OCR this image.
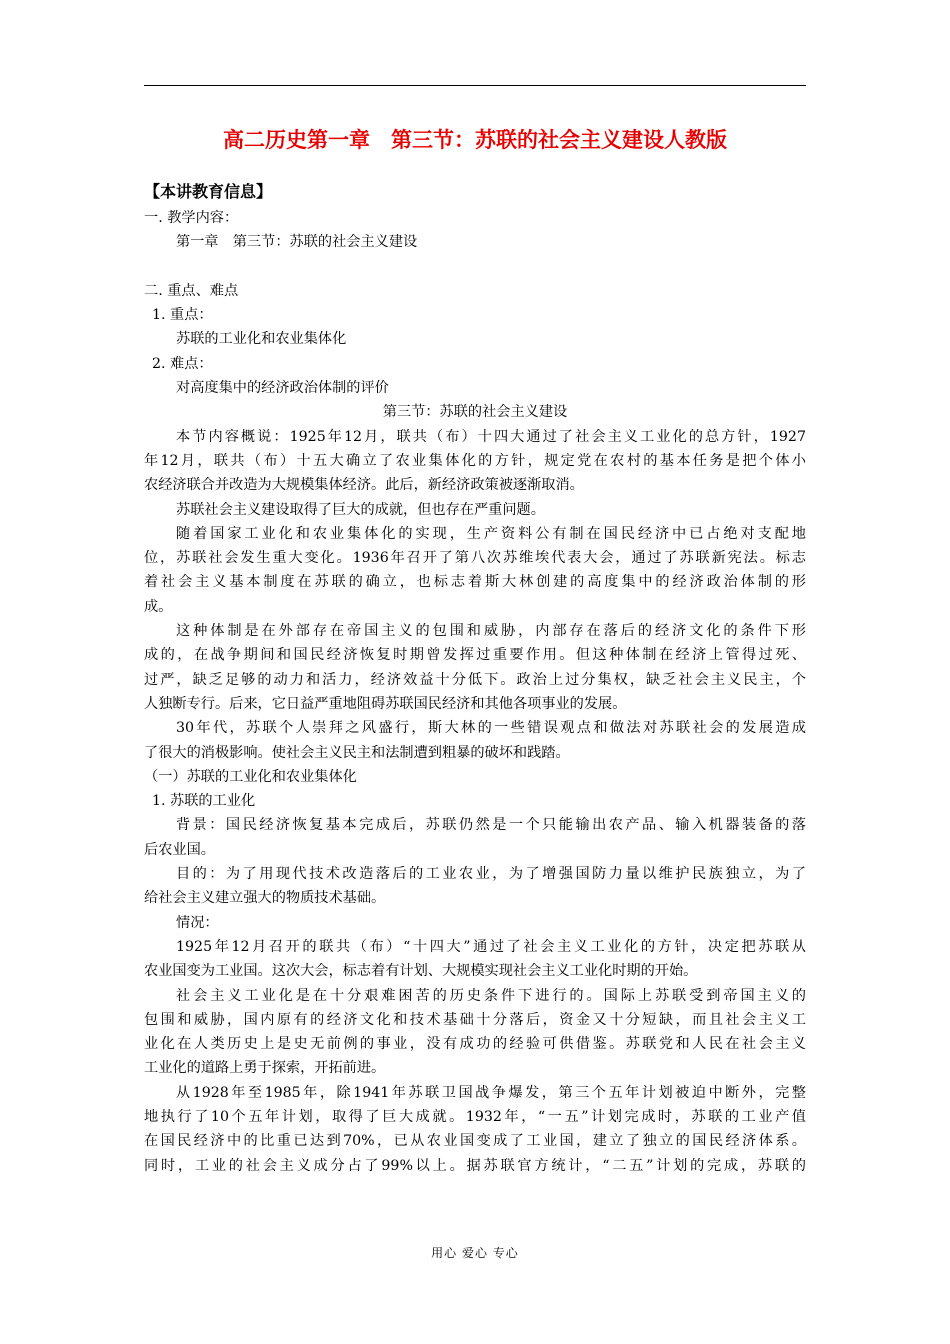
高二历史第一章　第三节：苏联的社会主义建设人教版
【本讲教育信息】
一. 教学内容：
第一章　第三节：苏联的社会主义建设
二. 重点、难点
1. 重点：
苏联的工业化和农业集体化
2. 难点：
对高度集中的经济政治体制的评价
第三节：苏联的社会主义建设
本节内容概说：1925年12月，联共（布）十四大通过了社会主义工业化的总方针，1927
年12月，联共（布）十五大确立了农业集体化的方针，规定党在农村的基本任务是把个体小
农经济联合并改造为大规模集体经济。此后，新经济政策被逐渐取消。
苏联社会主义建设取得了巨大的成就，但也存在严重问题。
随着国家工业化和农业集体化的实现，生产资料公有制在国民经济中已占绝对支配地
位，苏联社会发生重大变化。1936年召开了第八次苏维埃代表大会，通过了苏联新宪法。标志
着社会主义基本制度在苏联的确立，也标志着斯大林创建的高度集中的经济政治体制的形
成。
这种体制是在外部存在帝国主义的包围和威胁，内部存在落后的经济文化的条件下形
成的，在战争期间和国民经济恢复时期曾发挥过重要作用。但这种体制在经济上管得过死、
过严，缺乏足够的动力和活力，经济效益十分低下。政治上过分集权，缺乏社会主义民主，个
人独断专行。后来，它日益严重地阻碍苏联国民经济和其他各项事业的发展。
30年代，苏联个人崇拜之风盛行，斯大林的一些错误观点和做法对苏联社会的发展造成
了很大的消极影响。使社会主义民主和法制遭到粗暴的破坏和践踏。
（一）苏联的工业化和农业集体化
1. 苏联的工业化
背景：国民经济恢复基本完成后，苏联仍然是一个只能输出农产品、输入机器装备的落
后农业国。
目的：为了用现代技术改造落后的工业农业，为了增强国防力量以维护民族独立，为了
给社会主义建立强大的物质技术基础。
情况：
1925年12月召开的联共（布）“十四大”通过了社会主义工业化的方针，决定把苏联从
农业国变为工业国。这次大会，标志着有计划、大规模实现社会主义工业化时期的开始。
社会主义工业化是在十分艰难困苦的历史条件下进行的。国际上苏联受到帝国主义的
包围和威胁，国内原有的经济文化和技术基础十分落后，资金又十分短缺，而且社会主义工
业化在人类历史上是史无前例的事业，没有成功的经验可供借鉴。苏联党和人民在社会主义
工业化的道路上勇于探索，开拓前进。
从1928年至1985年，除1941年苏联卫国战争爆发，第三个五年计划被迫中断外，完整
地执行了10个五年计划，取得了巨大成就。1932年，“一五”计划完成时，苏联的工业产值
在国民经济中的比重已达到70%，已从农业国变成了工业国，建立了独立的国民经济体系。
同时，工业的社会主义成分占了99%以上。据苏联官方统计，“二五”计划的完成，苏联的
用心 爱心 专心
